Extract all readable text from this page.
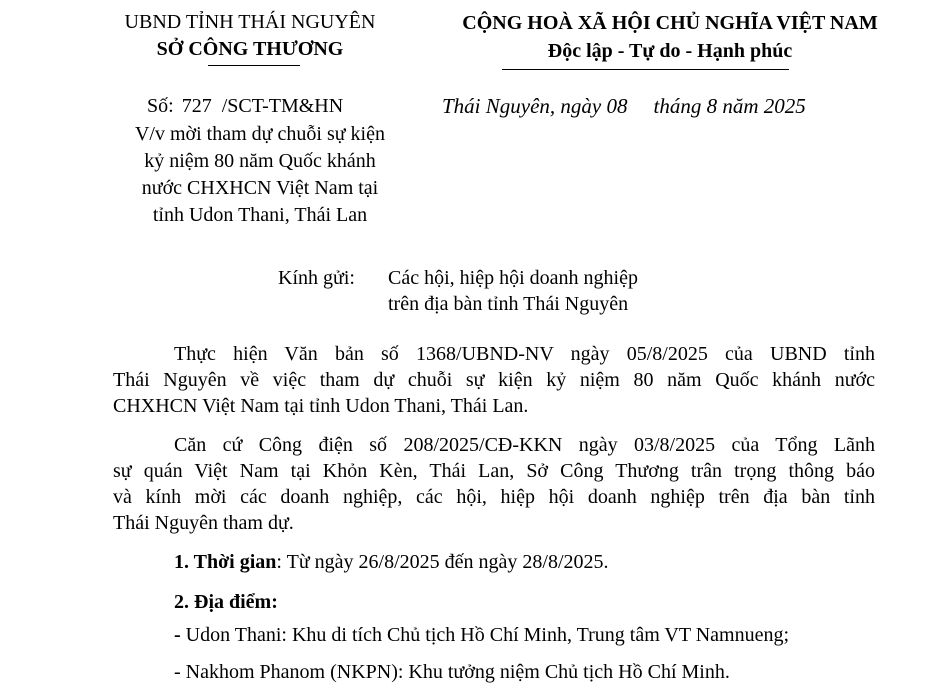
UBND TỈNH THÁI NGUYÊN
SỞ CÔNG THƯƠNG
CỘNG HOÀ XÃ HỘI CHỦ NGHĨA VIỆT NAM
Độc lập - Tự do - Hạnh phúc
Số: 727 /SCT-TM&HN
V/v mời tham dự chuỗi sự kiện
kỷ niệm 80 năm Quốc khánh
nước CHXHCN Việt Nam tại
tỉnh Udon Thani, Thái Lan
Thái Nguyên, ngày 08 tháng 8 năm 2025
Kính gửi: Các hội, hiệp hội doanh nghiệp
trên địa bàn tỉnh Thái Nguyên
Thực hiện Văn bản số 1368/UBND-NV ngày 05/8/2025 của UBND tỉnh
Thái Nguyên về việc tham dự chuỗi sự kiện kỷ niệm 80 năm Quốc khánh nước
CHXHCN Việt Nam tại tỉnh Udon Thani, Thái Lan.
Căn cứ Công điện số 208/2025/CĐ-KKN ngày 03/8/2025 của Tổng Lãnh
sự quán Việt Nam tại Khỏn Kèn, Thái Lan, Sở Công Thương trân trọng thông báo
và kính mời các doanh nghiệp, các hội, hiệp hội doanh nghiệp trên địa bàn tỉnh
Thái Nguyên tham dự.
1. Thời gian: Từ ngày 26/8/2025 đến ngày 28/8/2025.
2. Địa điểm:
- Udon Thani: Khu di tích Chủ tịch Hồ Chí Minh, Trung tâm VT Namnueng;
- Nakhom Phanom (NKPN): Khu tưởng niệm Chủ tịch Hồ Chí Minh.
